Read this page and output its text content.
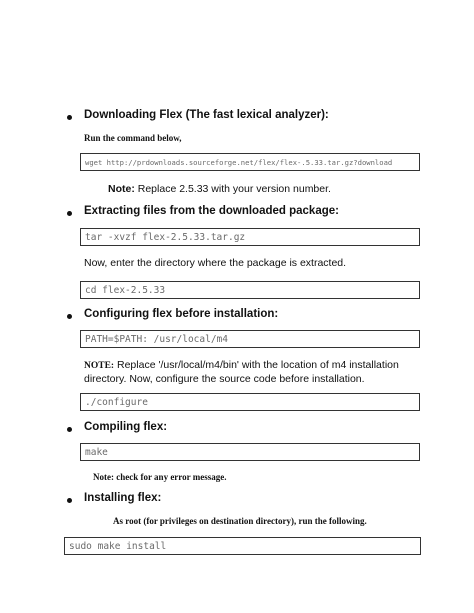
Downloading Flex (The fast lexical analyzer):
Run the command below,
wget http://prdownloads.sourceforge.net/flex/flex-.5.33.tar.gz?download
Note: Replace 2.5.33 with your version number.
Extracting files from the downloaded package:
tar -xvzf flex-2.5.33.tar.gz
Now, enter the directory where the package is extracted.
cd flex-2.5.33
Configuring flex before installation:
PATH=$PATH: /usr/local/m4
NOTE: Replace '/usr/local/m4/bin' with the location of m4 installation
directory. Now, configure the source code before installation.
./configure
Compiling flex:
make
Note: check for any error message.
Installing flex:
As root (for privileges on destination directory), run the following.
sudo make install
